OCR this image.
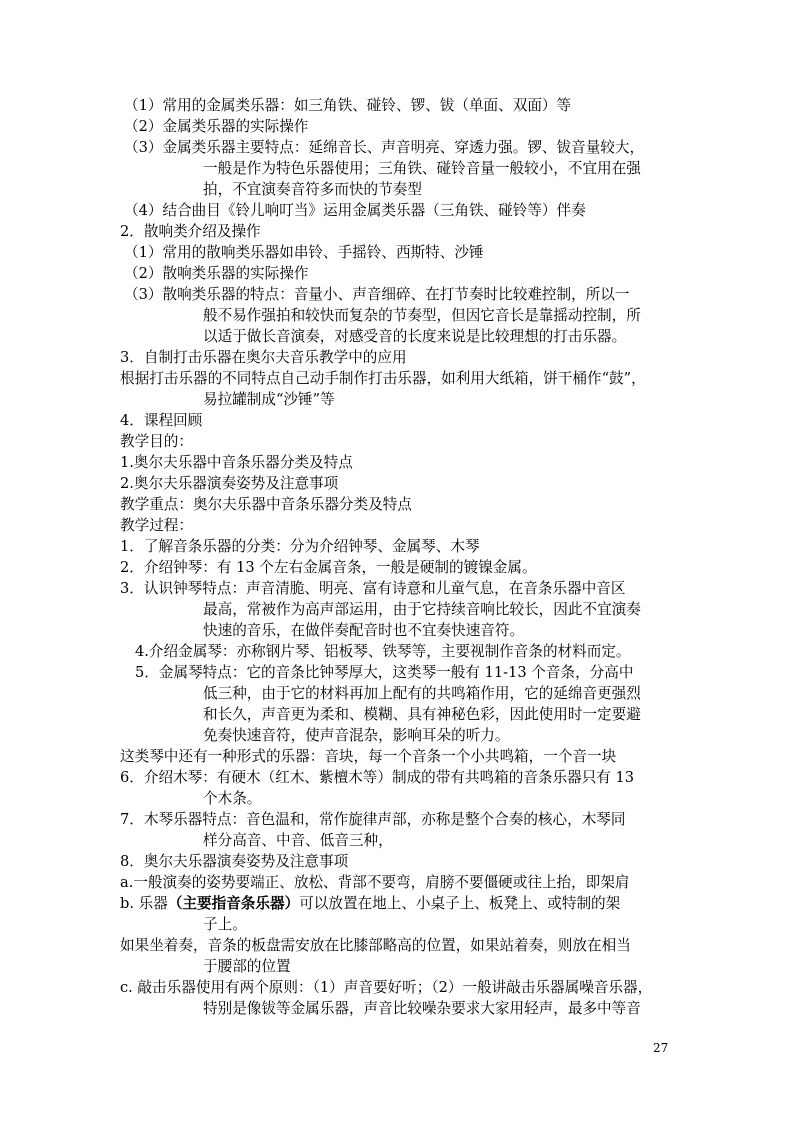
27
（1）常用的金属类乐器：如三角铁、碰铃、锣、钹（单面、双面）等
（2）金属类乐器的实际操作
（3）金属类乐器主要特点：延绵音长、声音明亮、穿透力强。锣、钹音量较大，
一般是作为特色乐器使用；三角铁、碰铃音量一般较小，不宜用在强
拍，不宜演奏音符多而快的节奏型
（4）结合曲目《铃儿响叮当》运用金属类乐器（三角铁、碰铃等）伴奏
2．散响类介绍及操作
（1）常用的散响类乐器如串铃、手摇铃、西斯特、沙锤
（2）散响类乐器的实际操作
（3）散响类乐器的特点：音量小、声音细碎、在打节奏时比较难控制，所以一
般不易作强拍和较快而复杂的节奏型，但因它音长是靠摇动控制，所
以适于做长音演奏，对感受音的长度来说是比较理想的打击乐器。
3．自制打击乐器在奥尔夫音乐教学中的应用
根据打击乐器的不同特点自己动手制作打击乐器，如利用大纸箱，饼干桶作“鼓”，
易拉罐制成“沙锤”等
4．课程回顾
教学目的：
1.奥尔夫乐器中音条乐器分类及特点
2.奥尔夫乐器演奏姿势及注意事项
教学重点：奥尔夫乐器中音条乐器分类及特点
教学过程：
1．了解音条乐器的分类：分为介绍钟琴、金属琴、木琴
2．介绍钟琴：有 13 个左右金属音条，一般是硬制的镀镍金属。
3．认识钟琴特点：声音清脆、明亮、富有诗意和儿童气息，在音条乐器中音区
最高，常被作为高声部运用，由于它持续音响比较长，因此不宜演奏
快速的音乐，在做伴奏配音时也不宜奏快速音符。
4.介绍金属琴：亦称钢片琴、铝板琴、铁琴等，主要视制作音条的材料而定。
5．金属琴特点：它的音条比钟琴厚大，这类琴一般有 11-13 个音条，分高中
低三种，由于它的材料再加上配有的共鸣箱作用，它的延绵音更强烈
和长久，声音更为柔和、模糊、具有神秘色彩，因此使用时一定要避
免奏快速音符，使声音混杂，影响耳朵的听力。
这类琴中还有一种形式的乐器：音块，每一个音条一个小共鸣箱，一个音一块
6．介绍木琴：有硬木（红木、紫檀木等）制成的带有共鸣箱的音条乐器只有 13
个木条。
7．木琴乐器特点：音色温和，常作旋律声部，亦称是整个合奏的核心，木琴同
样分高音、中音、低音三种，
8．奥尔夫乐器演奏姿势及注意事项
a.一般演奏的姿势要端正、放松、背部不要弯，肩膀不要僵硬或往上抬，即架肩
b. 乐器（主要指音条乐器）可以放置在地上、小桌子上、板凳上、或特制的架
子上。
如果坐着奏，音条的板盘需安放在比膝部略高的位置，如果站着奏，则放在相当
于腰部的位置
c. 敲击乐器使用有两个原则：（1）声音要好听；（2）一般讲敲击乐器属噪音乐器，
特别是像钹等金属乐器，声音比较噪杂要求大家用轻声，最多中等音
